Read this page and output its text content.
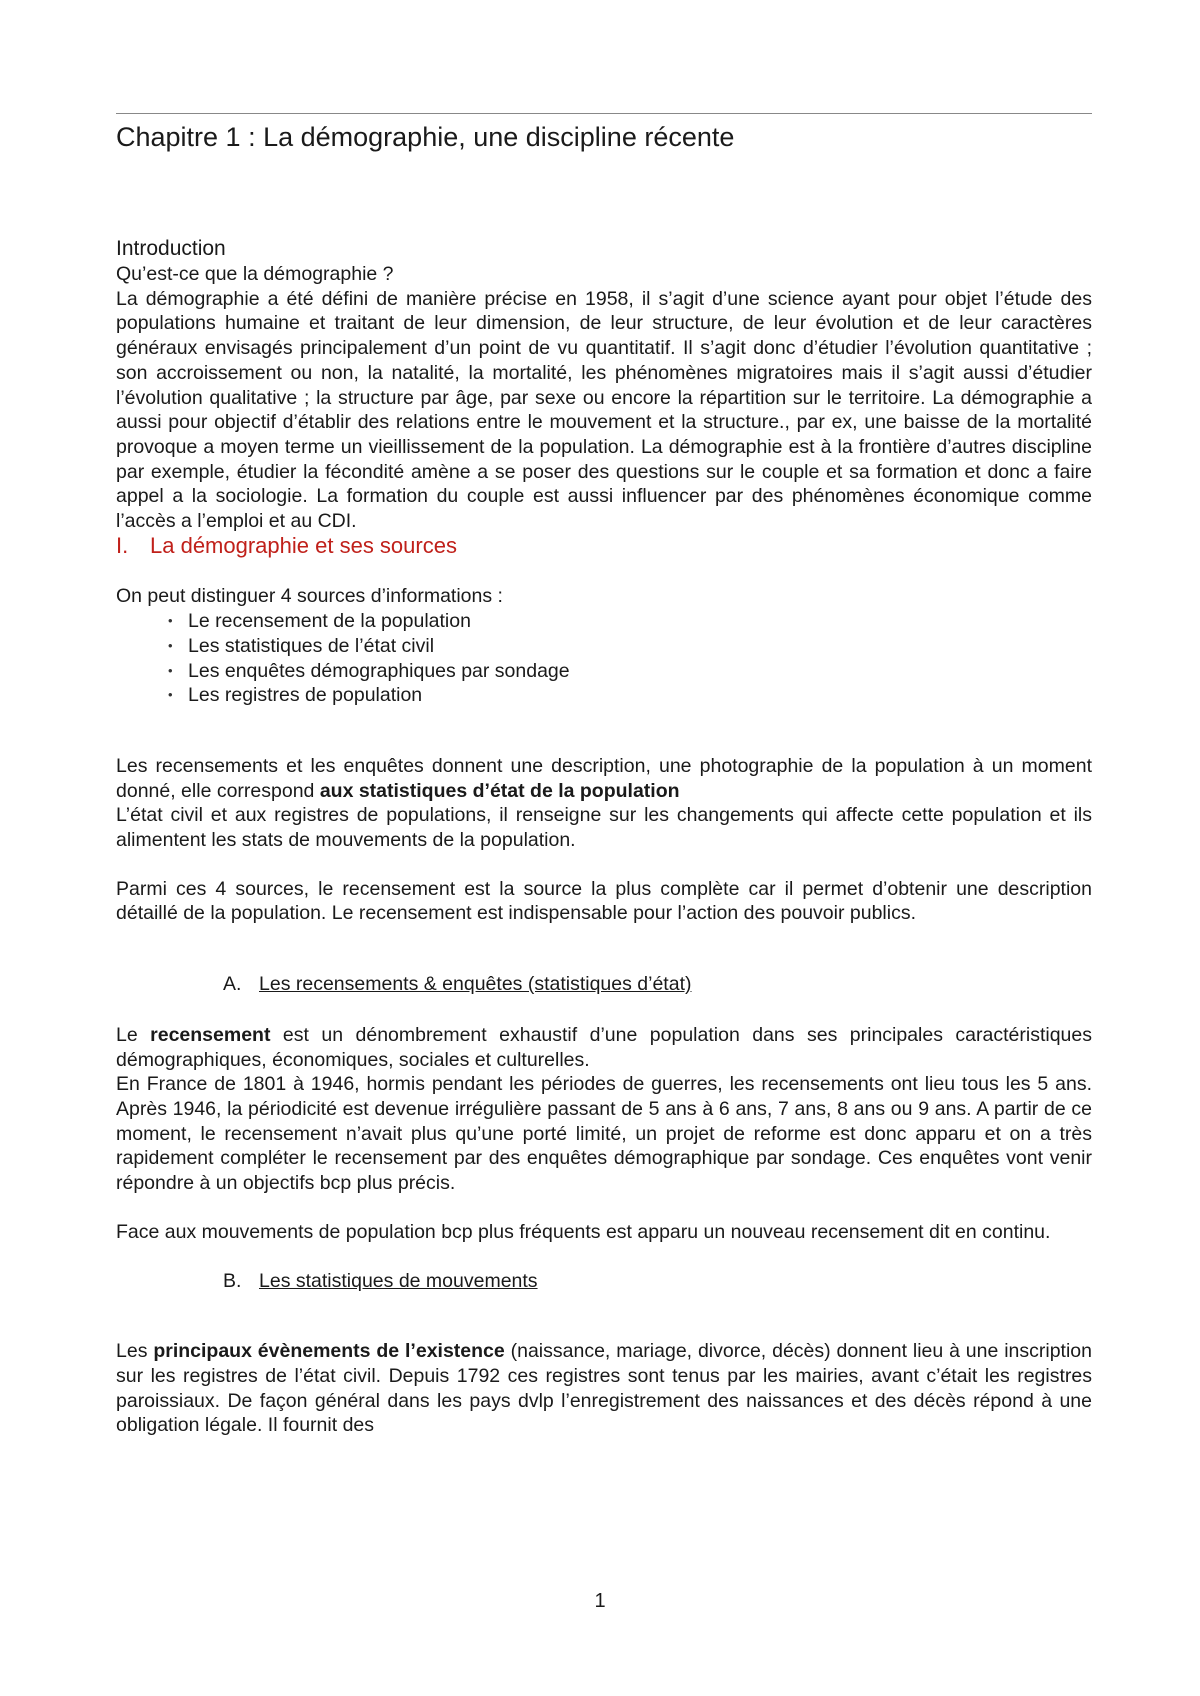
Chapitre 1 : La démographie, une discipline récente

Introduction

Qu’est-ce que la démographie ?

La démographie a été défini de manière précise en 1958, il s’agit d’une science ayant pour objet l’étude des populations humaine et traitant de leur dimension, de leur structure, de leur évolution et de leur caractères généraux envisagés principalement d’un point de vu quantitatif. Il s’agit donc d’étudier l’évolution quantitative ; son accroissement ou non, la natalité, la mortalité, les phénomènes migratoires mais il s’agit aussi d’étudier l’évolution qualitative ; la structure par âge, par sexe ou encore la répartition sur le territoire. La démographie a aussi pour objectif d’établir des relations entre le mouvement et la structure., par ex, une baisse de la mortalité provoque a moyen terme un vieillissement de la population. La démographie est à la frontière d’autres discipline par exemple, étudier la fécondité amène a se poser des questions sur le couple et sa formation et donc a faire appel a la sociologie. La formation du couple est aussi influencer par des phénomènes économique comme l’accès a l’emploi et au CDI.

I. La démographie et ses sources

On peut distinguer 4 sources d’informations :

• Le recensement de la population
• Les statistiques de l’état civil
• Les enquêtes démographiques par sondage
• Les registres de population

Les recensements et les enquêtes donnent une description, une photographie de la population à un moment donné, elle correspond aux statistiques d’état de la population

L’état civil et aux registres de populations, il renseigne sur les changements qui affecte cette population et ils alimentent les stats de mouvements de la population.

Parmi ces 4 sources, le recensement est la source la plus complète car il permet d’obtenir une description détaillé de la population. Le recensement est indispensable pour l’action des pouvoir publics.

A. Les recensements & enquêtes (statistiques d’état)

Le recensement est un dénombrement exhaustif d’une population dans ses principales caractéristiques démographiques, économiques, sociales et culturelles.

En France de 1801 à 1946, hormis pendant les périodes de guerres, les recensements ont lieu tous les 5 ans. Après 1946, la périodicité est devenue irrégulière passant de 5 ans à 6 ans, 7 ans, 8 ans ou 9 ans. A partir de ce moment, le recensement n’avait plus qu’une porté limité, un projet de reforme est donc apparu et on a très rapidement compléter le recensement par des enquêtes démographique par sondage. Ces enquêtes vont venir répondre à un objectifs bcp plus précis.

Face aux mouvements de population bcp plus fréquents est apparu un nouveau recensement dit en continu.

B. Les statistiques de mouvements

Les principaux évènements de l’existence (naissance, mariage, divorce, décès) donnent lieu à une inscription sur les registres de l’état civil. Depuis 1792 ces registres sont tenus par les mairies, avant c’était les registres paroissiaux. De façon général dans les pays dvlp l’enregistrement des naissances et des décès répond à une obligation légale. Il fournit des

1
